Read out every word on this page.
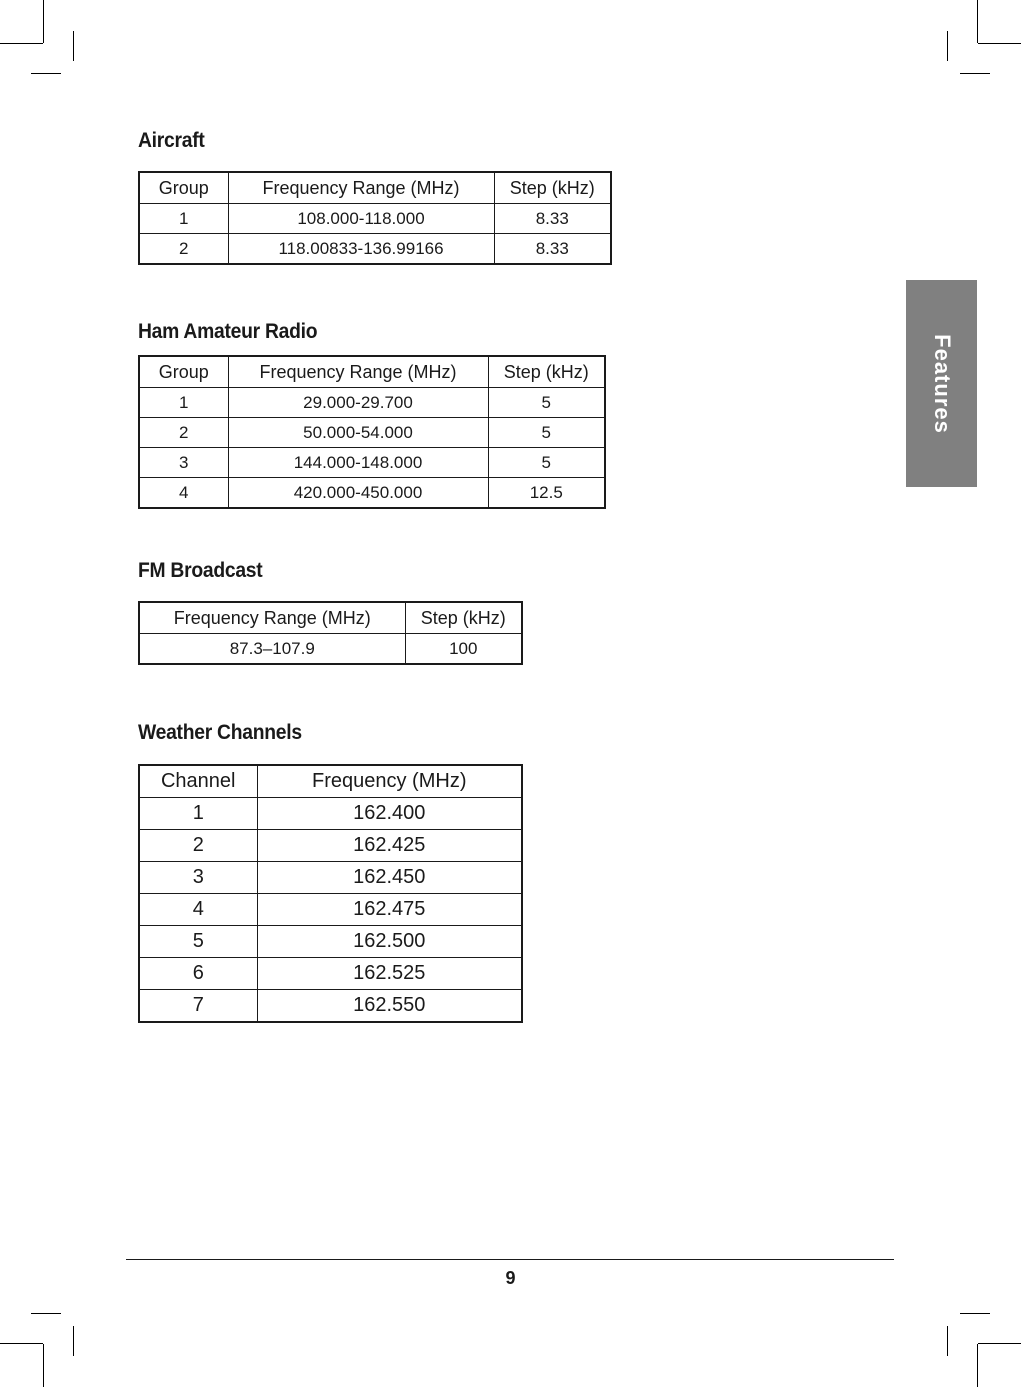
Aircraft
Group	Frequency Range (MHz)	Step (kHz)
1	108.000-118.000	8.33
2	118.00833-136.99166	8.33
Ham Amateur Radio
Group	Frequency Range (MHz)	Step (kHz)
1	29.000-29.700	5
2	50.000-54.000	5
3	144.000-148.000	5
4	420.000-450.000	12.5
FM Broadcast
Frequency Range (MHz)	Step (kHz)
87.3–107.9	100
Weather Channels
Channel	Frequency (MHz)
1	162.400
2	162.425
3	162.450
4	162.475
5	162.500
6	162.525
7	162.550
Features
9
